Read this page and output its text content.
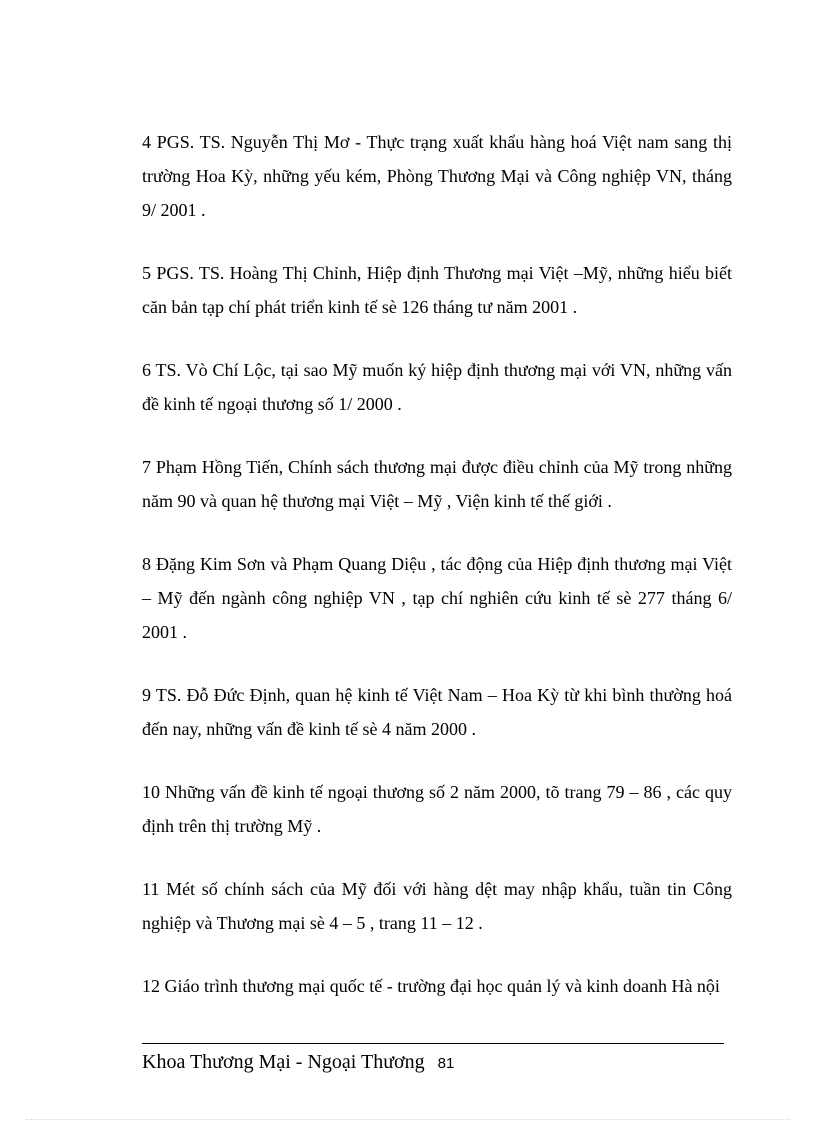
4 PGS. TS. Nguyễn Thị Mơ - Thực trạng xuất khẩu hàng hoá Việt nam sang thị trường Hoa Kỳ, những yếu kém, Phòng Thương Mại và Công nghiệp VN, tháng 9/ 2001 .

5 PGS. TS. Hoàng Thị Chỉnh, Hiệp định Thương mại Việt –Mỹ, những hiểu biết căn bản tạp chí phát triển kinh tế sè 126 tháng tư năm 2001 .

6 TS. Vò Chí Lộc, tại sao Mỹ muốn ký hiệp định thương mại với VN, những vấn đề kinh tế ngoại thương số 1/ 2000 .

7 Phạm Hồng Tiến, Chính sách thương mại được điều chỉnh của Mỹ trong những năm 90 và quan hệ thương mại Việt – Mỹ , Viện kinh tế thế giới .

8 Đặng Kim Sơn và Phạm Quang Diệu , tác động của Hiệp định thương mại Việt – Mỹ đến ngành công nghiệp VN , tạp chí nghiên cứu kinh tế sè 277 tháng 6/ 2001 .

9 TS. Đỗ Đức Định, quan hệ kinh tế Việt Nam – Hoa Kỳ từ khi bình thường hoá đến nay, những vấn đề kinh tế sè 4 năm 2000 .

10 Những vấn đề kinh tế ngoại thương số 2 năm 2000, tõ trang 79 – 86 , các quy định trên thị trường Mỹ .

11 Mét số chính sách của Mỹ đối với hàng dệt may nhập khẩu, tuần tin Công nghiệp và Thương mại sè 4 – 5 , trang 11 – 12 .

12 Giáo trình thương mại quốc tế - trường đại học quản lý và kinh doanh Hà nội

Khoa Thương Mại - Ngoại Thương 81
